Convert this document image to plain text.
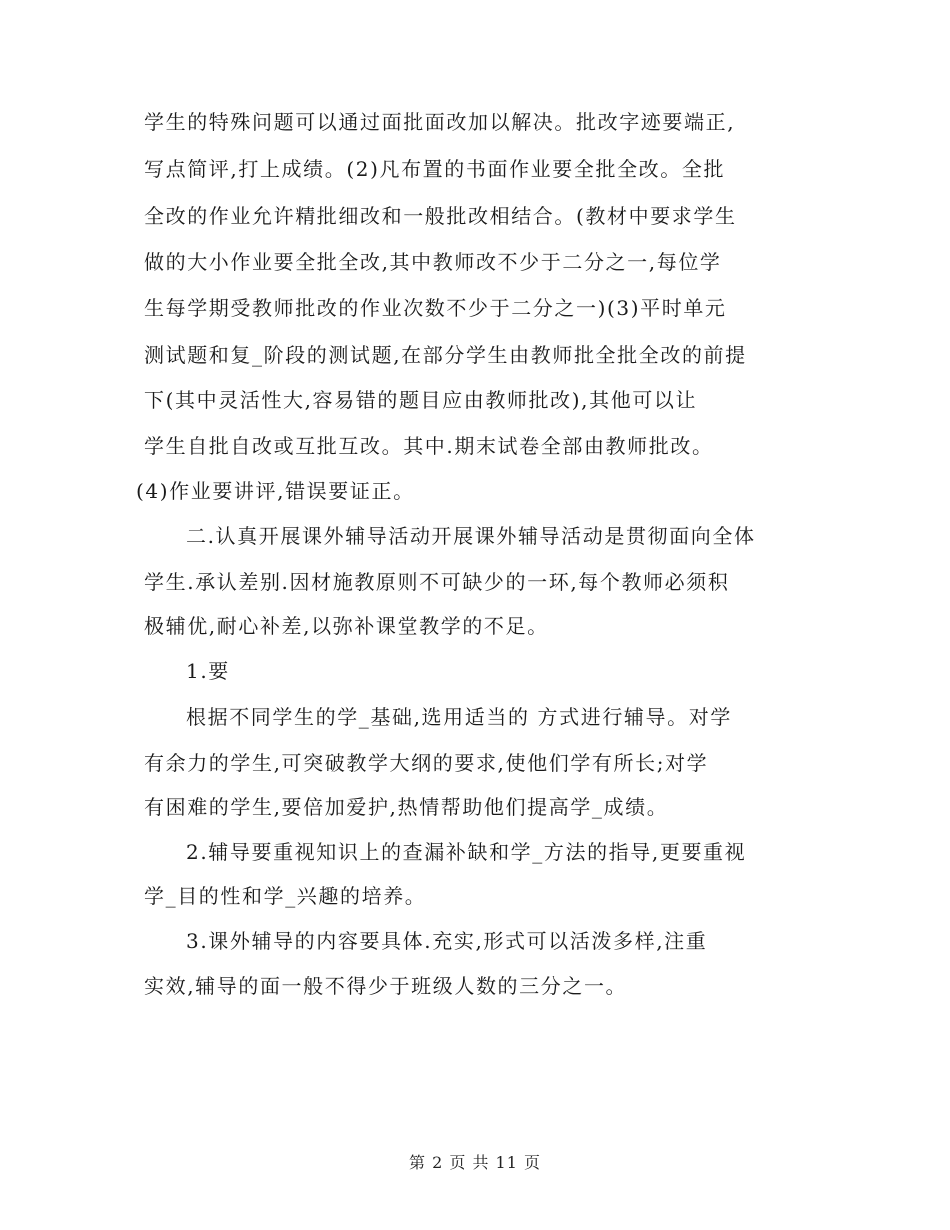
学生的特殊问题可以通过面批面改加以解决。批改字迹要端正,
写点简评,打上成绩。(2)凡布置的书面作业要全批全改。全批
全改的作业允许精批细改和一般批改相结合。(教材中要求学生
做的大小作业要全批全改,其中教师改不少于二分之一,每位学
生每学期受教师批改的作业次数不少于二分之一)(3)平时单元
测试题和复_阶段的测试题,在部分学生由教师批全批全改的前提
下(其中灵活性大,容易错的题目应由教师批改),其他可以让
学生自批自改或互批互改。其中.期末试卷全部由教师批改。
(4)作业要讲评,错误要证正。
二.认真开展课外辅导活动开展课外辅导活动是贯彻面向全体
学生.承认差别.因材施教原则不可缺少的一环,每个教师必须积
极辅优,耐心补差,以弥补课堂教学的不足。
1.要
根据不同学生的学_基础,选用适当的 方式进行辅导。对学
有余力的学生,可突破教学大纲的要求,使他们学有所长;对学
有困难的学生,要倍加爱护,热情帮助他们提高学_成绩。
2.辅导要重视知识上的查漏补缺和学_方法的指导,更要重视
学_目的性和学_兴趣的培养。
3.课外辅导的内容要具体.充实,形式可以活泼多样,注重
实效,辅导的面一般不得少于班级人数的三分之一。
第 2 页 共 11 页
